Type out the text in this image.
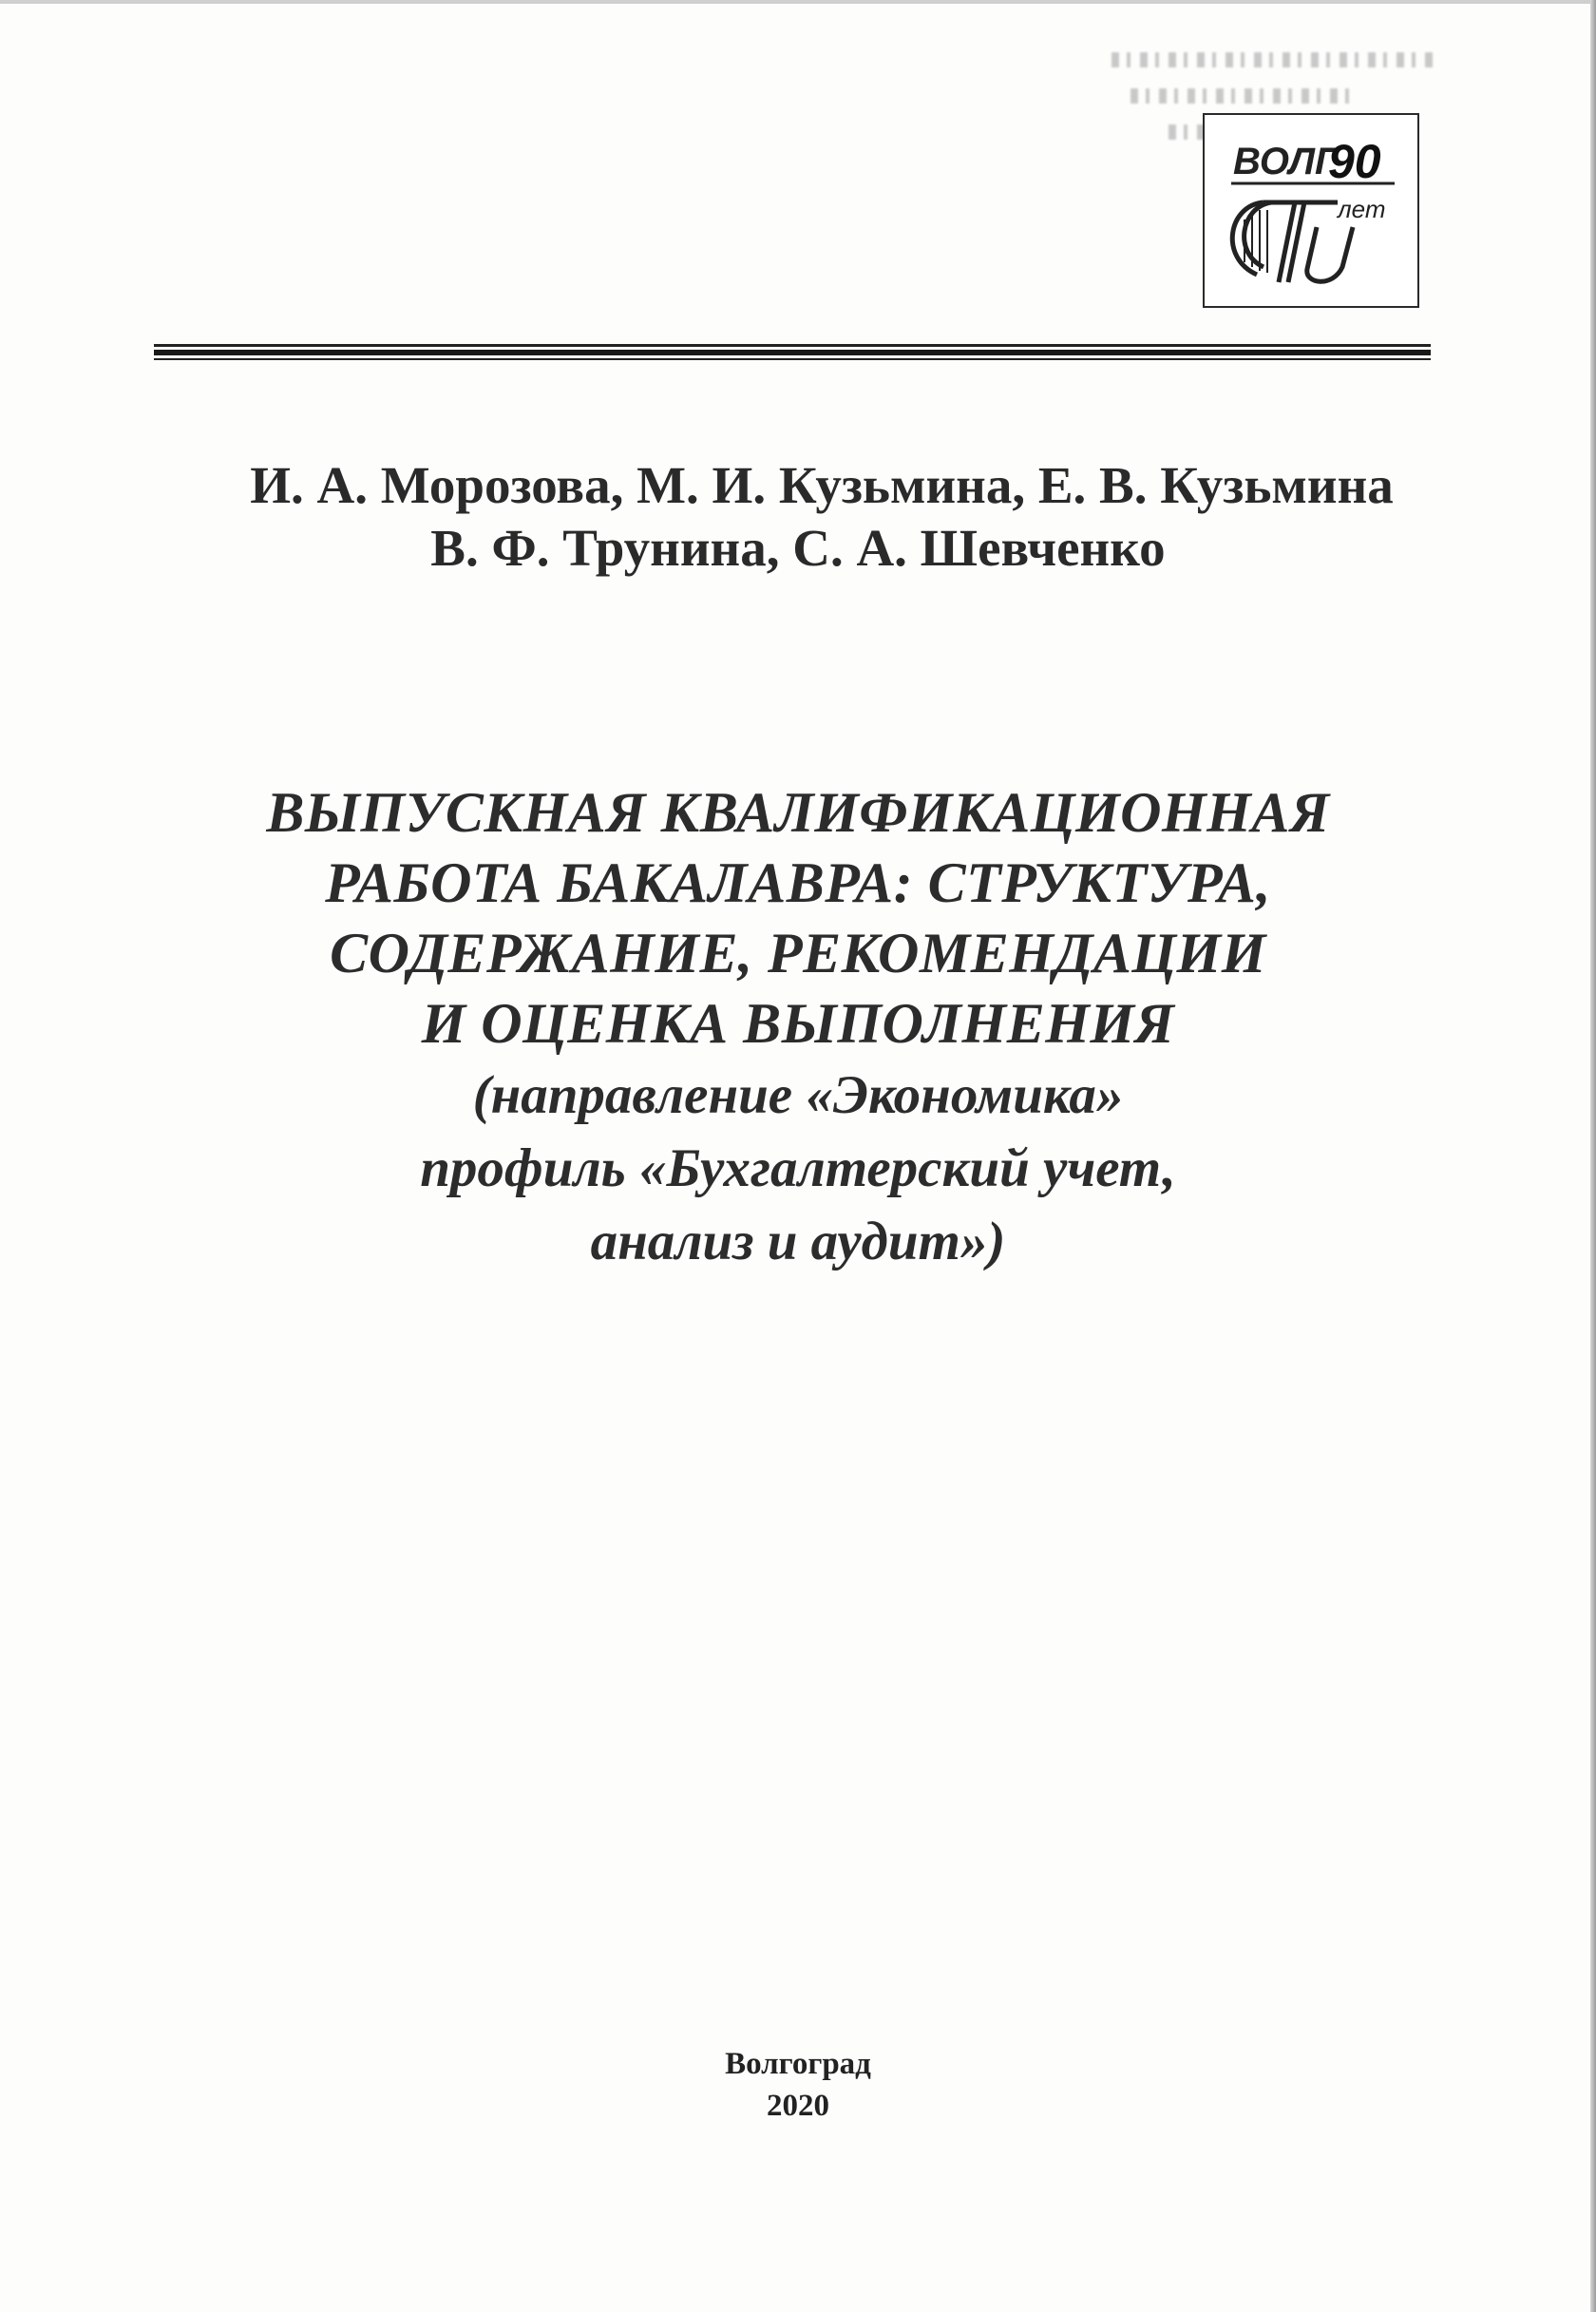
ВОЛГ
90
лет
И. А. Морозова, М. И. Кузьмина, Е. В. Кузьмина
В. Ф. Трунина, С. А. Шевченко
ВЫПУСКНАЯ КВАЛИФИКАЦИОННАЯ
РАБОТА БАКАЛАВРА: СТРУКТУРА,
СОДЕРЖАНИЕ, РЕКОМЕНДАЦИИ
И ОЦЕНКА ВЫПОЛНЕНИЯ
(направление «Экономика»
профиль «Бухгалтерский учет,
анализ и аудит»)
Волгоград
2020
